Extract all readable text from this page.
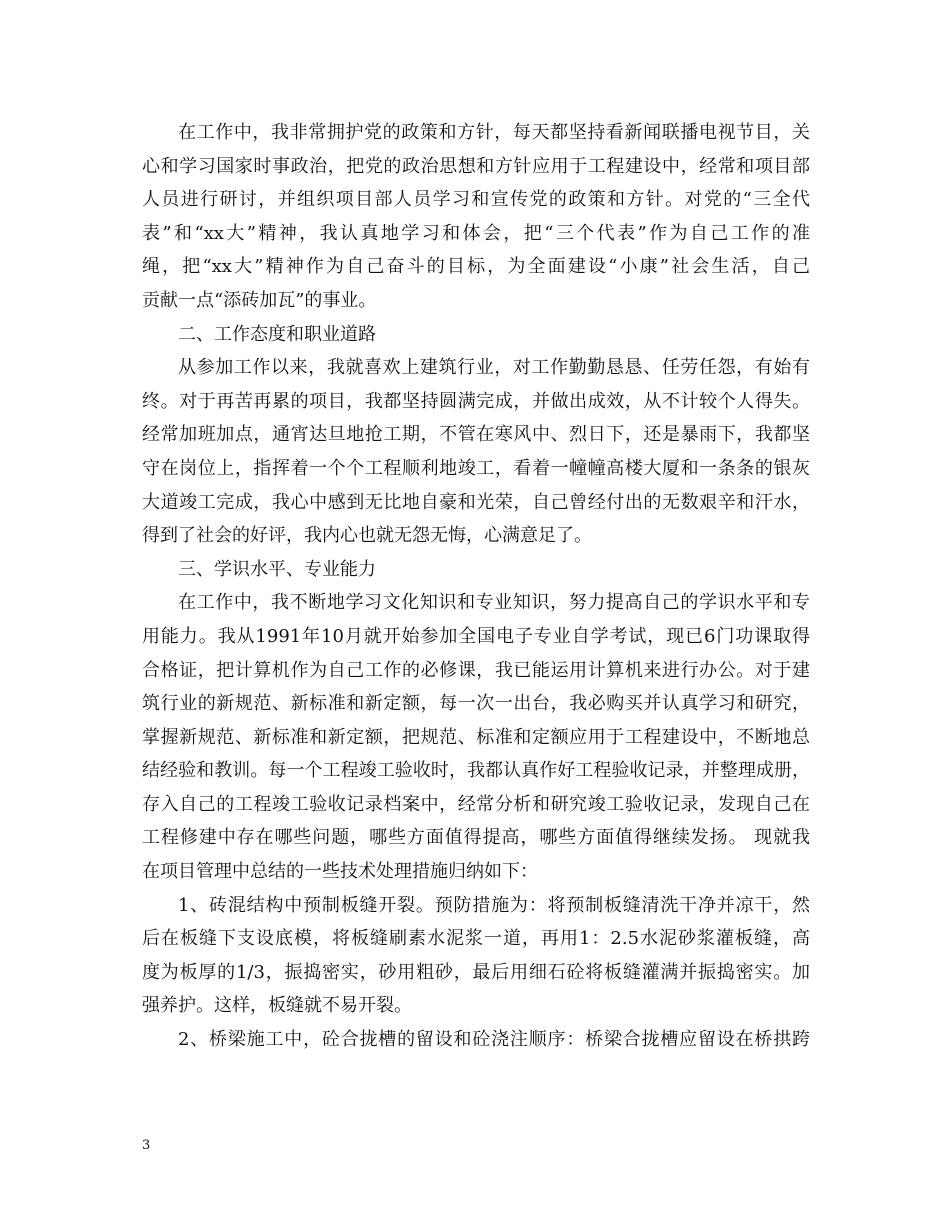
在工作中，我非常拥护党的政策和方针，每天都坚持看新闻联播电视节目，关
心和学习国家时事政治，把党的政治思想和方针应用于工程建设中，经常和项目部
人员进行研讨，并组织项目部人员学习和宣传党的政策和方针。对党的“三全代
表”和“xx大”精神，我认真地学习和体会，把“三个代表”作为自己工作的准
绳，把“xx大”精神作为自己奋斗的目标，为全面建设“小康”社会生活，自己
贡献一点“添砖加瓦”的事业。
二、工作态度和职业道路
从参加工作以来，我就喜欢上建筑行业，对工作勤勤恳恳、任劳任怨，有始有
终。对于再苦再累的项目，我都坚持圆满完成，并做出成效，从不计较个人得失。
经常加班加点，通宵达旦地抢工期，不管在寒风中、烈日下，还是暴雨下，我都坚
守在岗位上，指挥着一个个工程顺利地竣工，看着一幢幢高楼大厦和一条条的银灰
大道竣工完成，我心中感到无比地自豪和光荣，自己曾经付出的无数艰辛和汗水，
得到了社会的好评，我内心也就无怨无悔，心满意足了。
三、学识水平、专业能力
在工作中，我不断地学习文化知识和专业知识，努力提高自己的学识水平和专
用能力。我从1991年10月就开始参加全国电子专业自学考试，现已6门功课取得
合格证，把计算机作为自己工作的必修课，我已能运用计算机来进行办公。对于建
筑行业的新规范、新标准和新定额，每一次一出台，我必购买并认真学习和研究，
掌握新规范、新标准和新定额，把规范、标准和定额应用于工程建设中，不断地总
结经验和教训。每一个工程竣工验收时，我都认真作好工程验收记录，并整理成册，
存入自己的工程竣工验收记录档案中，经常分析和研究竣工验收记录，发现自己在
工程修建中存在哪些问题，哪些方面值得提高，哪些方面值得继续发扬。 现就我
在项目管理中总结的一些技术处理措施归纳如下：
1、砖混结构中预制板缝开裂。预防措施为：将预制板缝清洗干净并凉干，然
后在板缝下支设底模，将板缝刷素水泥浆一道，再用1：2.5水泥砂浆灌板缝，高
度为板厚的1/3，振捣密实，砂用粗砂，最后用细石砼将板缝灌满并振捣密实。加
强养护。这样，板缝就不易开裂。
2、桥梁施工中，砼合拢槽的留设和砼浇注顺序：桥梁合拢槽应留设在桥拱跨
3
